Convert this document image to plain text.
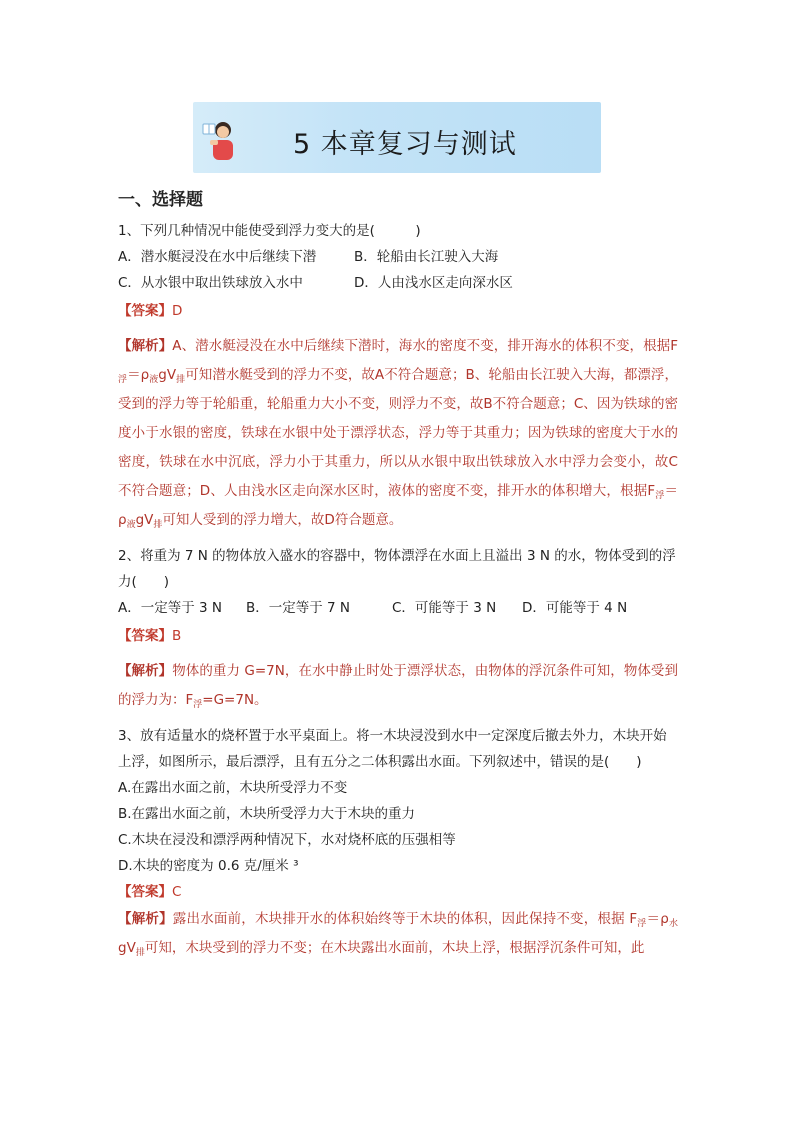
5 本章复习与测试
一、选择题
1、下列几种情况中能使受到浮力变大的是(　　　)
A．潜水艇浸没在水中后继续下潜	B．轮船由长江驶入大海
C．从水银中取出铁球放入水中	D．人由浅水区走向深水区
【答案】D
【解析】A、潜水艇浸没在水中后继续下潜时，海水的密度不变，排开海水的体积不变，根据$F_浮=\rho_液gV_排$可知潜水艇受到的浮力不变，故A不符合题意；B、轮船由长江驶入大海，都漂浮，受到的浮力等于轮船重，轮船重力大小不变，则浮力不变，故B不符合题意；C、因为铁球的密度小于水银的密度，铁球在水银中处于漂浮状态，浮力等于其重力；因为铁球的密度大于水的密度，铁球在水中沉底，浮力小于其重力，所以从水银中取出铁球放入水中浮力会变小，故C不符合题意；D、人由浅水区走向深水区时，液体的密度不变，排开水的体积增大，根据$F_浮=\rho_液gV_排$可知人受到的浮力增大，故D符合题意。
2、将重为 7 N 的物体放入盛水的容器中，物体漂浮在水面上且溢出 3 N 的水，物体受到的浮力(　　)
A．一定等于 3 N	B．一定等于 7 N	C．可能等于 3 N	D．可能等于 4 N
【答案】B
【解析】物体的重力 G=7N，在水中静止时处于漂浮状态，由物体的浮沉条件可知，物体受到的浮力为：$F_浮=G=7N$。
3、放有适量水的烧杯置于水平桌面上。将一木块浸没到水中一定深度后撤去外力，木块开始上浮，如图所示，最后漂浮，且有五分之二体积露出水面。下列叙述中，错误的是(　　)
A.在露出水面之前，木块所受浮力不变
B.在露出水面之前，木块所受浮力大于木块的重力
C.木块在浸没和漂浮两种情况下，水对烧杯底的压强相等
D.木块的密度为 0.6 克/厘米 ³
【答案】C
【解析】露出水面前，木块排开水的体积始终等于木块的体积，因此保持不变，根据 $F_浮=\rho_水gV_排$可知，木块受到的浮力不变；在木块露出水面前，木块上浮，根据浮沉条件可知，此
